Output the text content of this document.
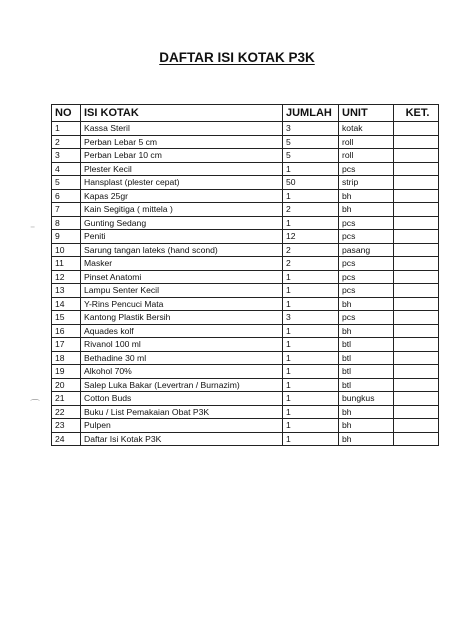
DAFTAR ISI KOTAK P3K
NO	ISI KOTAK	JUMLAH	UNIT	KET.
1	Kassa Steril	3	kotak	
2	Perban Lebar 5 cm	5	roll	
3	Perban Lebar 10 cm	5	roll	
4	Plester Kecil	1	pcs	
5	Hansplast (plester cepat)	50	strip	
6	Kapas 25gr	1	bh	
7	Kain Segitiga ( mittela )	2	bh	
8	Gunting Sedang	1	pcs	
9	Peniti	12	pcs	
10	Sarung tangan lateks (hand scond)	2	pasang	
11	Masker	2	pcs	
12	Pinset Anatomi	1	pcs	
13	Lampu Senter Kecil	1	pcs	
14	Y-Rins Pencuci Mata	1	bh	
15	Kantong Plastik Bersih	3	pcs	
16	Aquades kolf	1	bh	
17	Rivanol 100 ml	1	btl	
18	Bethadine 30 ml	1	btl	
19	Alkohol 70%	1	btl	
20	Salep Luka Bakar (Levertran / Burnazim)	1	btl	
21	Cotton Buds	1	bungkus	
22	Buku / List Pemakaian Obat P3K	1	bh	
23	Pulpen	1	bh	
24	Daftar Isi Kotak P3K	1	bh	
⁻
⌒
